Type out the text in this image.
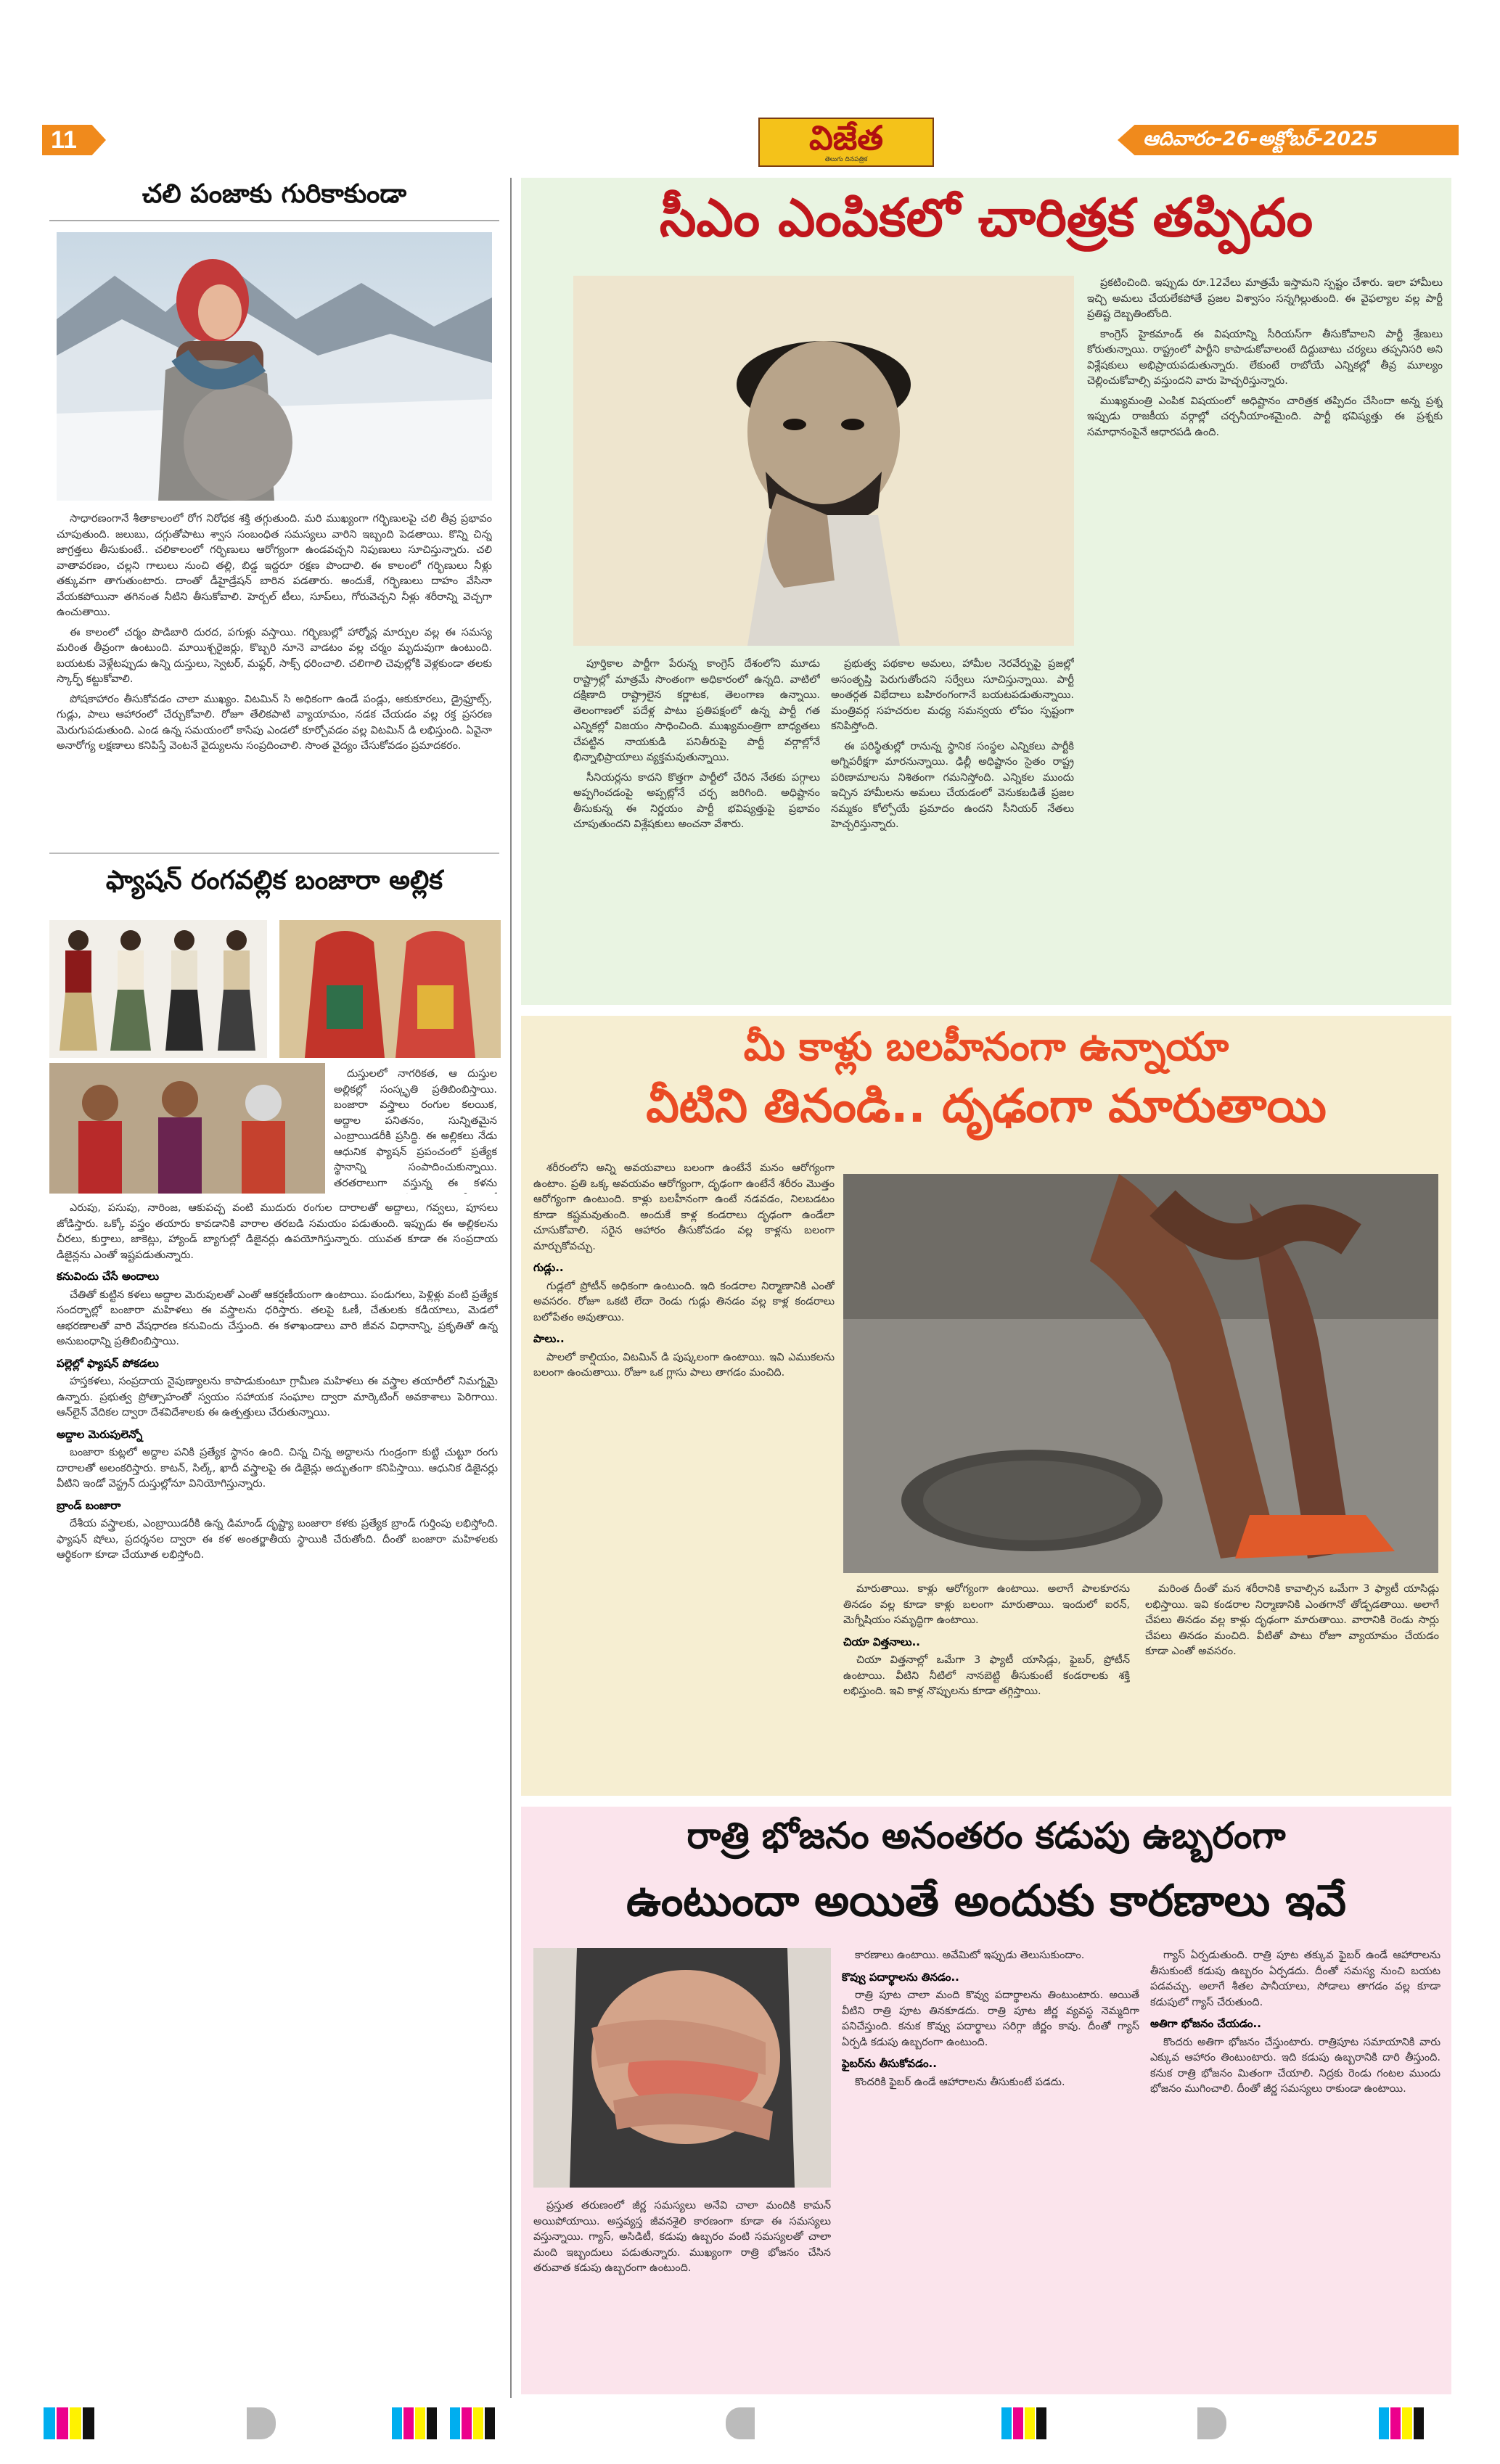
11	విజేత
తెలుగు దినపత్రిక
ఆదివారం-26-అక్టోబర్-2025
చలి పంజాకు గురికాకుండా

సాధారణంగానే శీతాకాలంలో రోగ నిరోధక శక్తి తగ్గుతుంది. మరి ముఖ్యంగా గర్భిణులపై చలి తీవ్ర ప్రభావం చూపుతుంది. జలుబు, దగ్గుతోపాటు శ్వాస సంబంధిత సమస్యలు వారిని ఇబ్బంది పెడతాయి. కొన్ని చిన్న జాగ్రత్తలు తీసుకుంటే.. చలికాలంలో గర్భిణులు ఆరోగ్యంగా ఉండవచ్చని నిపుణులు సూచిస్తున్నారు. చలి వాతావరణం, చల్లని గాలులు నుంచి తల్లి, బిడ్డ ఇద్దరూ రక్షణ పొందాలి. ఈ కాలంలో గర్భిణులు నీళ్లు తక్కువగా తాగుతుంటారు. దాంతో డీహైడ్రేషన్ బారిన పడతారు. అందుకే, గర్భిణులు దాహం వేసినా వేయకపోయినా తగినంత నీటిని తీసుకోవాలి. హెర్బల్ టీలు, సూప్‌లు, గోరువెచ్చని నీళ్లు శరీరాన్ని వెచ్చగా ఉంచుతాయి.

ఈ కాలంలో చర్మం పొడిబారి దురద, పగుళ్లు వస్తాయి. గర్భిణుల్లో హార్మోన్ల మార్పుల వల్ల ఈ సమస్య మరింత తీవ్రంగా ఉంటుంది. మాయిశ్చరైజర్లు, కొబ్బరి నూనె వాడటం వల్ల చర్మం మృదువుగా ఉంటుంది. బయటకు వెళ్లేటప్పుడు ఉన్ని దుస్తులు, స్వెటర్, మఫ్లర్, సాక్స్ ధరించాలి. చలిగాలి చెవుల్లోకి వెళ్లకుండా తలకు స్కార్ఫ్ కట్టుకోవాలి.

పోషకాహారం తీసుకోవడం చాలా ముఖ్యం. విటమిన్ సి అధికంగా ఉండే పండ్లు, ఆకుకూరలు, డ్రైఫ్రూట్స్, గుడ్లు, పాలు ఆహారంలో చేర్చుకోవాలి. రోజూ తేలికపాటి వ్యాయామం, నడక చేయడం వల్ల రక్త ప్రసరణ మెరుగుపడుతుంది. ఎండ ఉన్న సమయంలో కాసేపు ఎండలో కూర్చోవడం వల్ల విటమిన్ డి లభిస్తుంది. ఏవైనా అనారోగ్య లక్షణాలు కనిపిస్తే వెంటనే వైద్యులను సంప్రదించాలి. సొంత వైద్యం చేసుకోవడం ప్రమాదకరం.

ఫ్యాషన్ రంగవల్లిక బంజారా అల్లిక

దుస్తులలో నాగరికత, ఆ దుస్తుల అల్లికల్లో సంస్కృతి ప్రతిబింబిస్తాయి. బంజారా వస్త్రాలు రంగుల కలయిక, అద్దాల పనితనం, సున్నితమైన ఎంబ్రాయిడరీకి ప్రసిద్ధి. ఈ అల్లికలు నేడు ఆధునిక ఫ్యాషన్ ప్రపంచంలో ప్రత్యేక స్థానాన్ని సంపాదించుకున్నాయి. తరతరాలుగా వస్తున్న ఈ కళను

ఎరుపు, పసుపు, నారింజ, ఆకుపచ్చ వంటి ముదురు రంగుల దారాలతో అద్దాలు, గవ్వలు, పూసలు జోడిస్తారు. ఒక్కో వస్త్రం తయారు కావడానికి వారాల తరబడి సమయం పడుతుంది. ఇప్పుడు ఈ అల్లికలను చీరలు, కుర్తాలు, జాకెట్లు, హ్యాండ్ బ్యాగుల్లో డిజైనర్లు ఉపయోగిస్తున్నారు. యువత కూడా ఈ సంప్రదాయ డిజైన్లను ఎంతో ఇష్టపడుతున్నారు.

కనువిందు చేసే అందాలు

చేతితో కుట్టిన కళలు అద్దాల మెరుపులతో ఎంతో ఆకర్షణీయంగా ఉంటాయి. పండుగలు, పెళ్లిళ్లు వంటి ప్రత్యేక సందర్భాల్లో బంజారా మహిళలు ఈ వస్త్రాలను ధరిస్తారు. తలపై ఓణీ, చేతులకు కడియాలు, మెడలో ఆభరణాలతో వారి వేషధారణ కనువిందు చేస్తుంది. ఈ కళాఖండాలు వారి జీవన విధానాన్ని, ప్రకృతితో ఉన్న అనుబంధాన్ని ప్రతిబింబిస్తాయి.

పల్లెల్లో ఫ్యాషన్ పోకడలు

హస్తకళలు, సంప్రదాయ నైపుణ్యాలను కాపాడుకుంటూ గ్రామీణ మహిళలు ఈ వస్త్రాల తయారీలో నిమగ్నమై ఉన్నారు. ప్రభుత్వ ప్రోత్సాహంతో స్వయం సహాయక సంఘాల ద్వారా మార్కెటింగ్ అవకాశాలు పెరిగాయి. ఆన్‌లైన్ వేదికల ద్వారా దేశవిదేశాలకు ఈ ఉత్పత్తులు చేరుతున్నాయి.

అద్దాల మెరుపులెన్నో

బంజారా కుట్లలో అద్దాల పనికి ప్రత్యేక స్థానం ఉంది. చిన్న చిన్న అద్దాలను గుండ్రంగా కుట్టి చుట్టూ రంగు దారాలతో అలంకరిస్తారు. కాటన్, సిల్క్, ఖాదీ వస్త్రాలపై ఈ డిజైన్లు అద్భుతంగా కనిపిస్తాయి. ఆధునిక డిజైనర్లు వీటిని ఇండో వెస్ట్రన్ దుస్తుల్లోనూ వినియోగిస్తున్నారు.

బ్రాండ్ బంజారా

దేశీయ వస్త్రాలకు, ఎంబ్రాయిడరీకి ఉన్న డిమాండ్ దృష్ట్యా బంజారా కళకు ప్రత్యేక బ్రాండ్ గుర్తింపు లభిస్తోంది. ఫ్యాషన్ షోలు, ప్రదర్శనల ద్వారా ఈ కళ అంతర్జాతీయ స్థాయికి చేరుతోంది. దీంతో బంజారా మహిళలకు ఆర్థికంగా కూడా చేయూత లభిస్తోంది.

సీఎం ఎంపికలో చారిత్రక తప్పిదం

పూర్తికాల పార్టీగా పేరున్న కాంగ్రెస్ దేశంలోని మూడు రాష్ట్రాల్లో మాత్రమే సొంతంగా అధికారంలో ఉన్నది. వాటిలో దక్షిణాది రాష్ట్రాలైన కర్ణాటక, తెలంగాణ ఉన్నాయి. తెలంగాణలో పదేళ్ల పాటు ప్రతిపక్షంలో ఉన్న పార్టీ గత ఎన్నికల్లో విజయం సాధించింది. ముఖ్యమంత్రిగా బాధ్యతలు చేపట్టిన నాయకుడి పనితీరుపై పార్టీ వర్గాల్లోనే భిన్నాభిప్రాయాలు వ్యక్తమవుతున్నాయి.

సీనియర్లను కాదని కొత్తగా పార్టీలో చేరిన నేతకు పగ్గాలు అప్పగించడంపై అప్పట్లోనే చర్చ జరిగింది. అధిష్టానం తీసుకున్న ఈ నిర్ణయం పార్టీ భవిష్యత్తుపై ప్రభావం చూపుతుందని విశ్లేషకులు అంచనా వేశారు.

ప్రభుత్వ పథకాల అమలు, హామీల నెరవేర్పుపై ప్రజల్లో అసంతృప్తి పెరుగుతోందని సర్వేలు సూచిస్తున్నాయి. పార్టీ అంతర్గత విభేదాలు బహిరంగంగానే బయటపడుతున్నాయి. మంత్రివర్గ సహచరుల మధ్య సమన్వయ లోపం స్పష్టంగా కనిపిస్తోంది.

ఈ పరిస్థితుల్లో రానున్న స్థానిక సంస్థల ఎన్నికలు పార్టీకి అగ్నిపరీక్షగా మారనున్నాయి. ఢిల్లీ అధిష్టానం సైతం రాష్ట్ర పరిణామాలను నిశితంగా గమనిస్తోంది. ఎన్నికల ముందు ఇచ్చిన హామీలను అమలు చేయడంలో వెనుకబడితే ప్రజల నమ్మకం కోల్పోయే ప్రమాదం ఉందని సీనియర్ నేతలు హెచ్చరిస్తున్నారు.

ప్రకటించింది. ఇప్పుడు రూ.12వేలు మాత్రమే ఇస్తామని స్పష్టం చేశారు. ఇలా హామీలు ఇచ్చి అమలు చేయలేకపోతే ప్రజల విశ్వాసం సన్నగిల్లుతుంది. ఈ వైఫల్యాల వల్ల పార్టీ ప్రతిష్ట దెబ్బతింటోంది.

కాంగ్రెస్ హైకమాండ్ ఈ విషయాన్ని సీరియస్‌గా తీసుకోవాలని పార్టీ శ్రేణులు కోరుతున్నాయి. రాష్ట్రంలో పార్టీని కాపాడుకోవాలంటే దిద్దుబాటు చర్యలు తప్పనిసరి అని విశ్లేషకులు అభిప్రాయపడుతున్నారు. లేకుంటే రాబోయే ఎన్నికల్లో తీవ్ర మూల్యం చెల్లించుకోవాల్సి వస్తుందని వారు హెచ్చరిస్తున్నారు.

ముఖ్యమంత్రి ఎంపిక విషయంలో అధిష్టానం చారిత్రక తప్పిదం చేసిందా అన్న ప్రశ్న ఇప్పుడు రాజకీయ వర్గాల్లో చర్చనీయాంశమైంది. పార్టీ భవిష్యత్తు ఈ ప్రశ్నకు సమాధానంపైనే ఆధారపడి ఉంది.

మీ కాళ్లు బలహీనంగా ఉన్నాయా
వీటిని తినండి.. దృఢంగా మారుతాయి

శరీరంలోని అన్ని అవయవాలు బలంగా ఉంటేనే మనం ఆరోగ్యంగా ఉంటాం. ప్రతి ఒక్క అవయవం ఆరోగ్యంగా, దృఢంగా ఉంటేనే శరీరం మొత్తం ఆరోగ్యంగా ఉంటుంది. కాళ్లు బలహీనంగా ఉంటే నడవడం, నిలబడటం కూడా కష్టమవుతుంది. అందుకే కాళ్ల కండరాలు దృఢంగా ఉండేలా చూసుకోవాలి. సరైన ఆహారం తీసుకోవడం వల్ల కాళ్లను బలంగా మార్చుకోవచ్చు.

గుడ్లు..

గుడ్లలో ప్రోటీన్ అధికంగా ఉంటుంది. ఇది కండరాల నిర్మాణానికి ఎంతో అవసరం. రోజూ ఒకటి లేదా రెండు గుడ్లు తినడం వల్ల కాళ్ల కండరాలు బలోపేతం అవుతాయి.

పాలు..

పాలలో కాల్షియం, విటమిన్ డి పుష్కలంగా ఉంటాయి. ఇవి ఎముకలను బలంగా ఉంచుతాయి. రోజూ ఒక గ్లాసు పాలు తాగడం మంచిది.

మారుతాయి. కాళ్లు ఆరోగ్యంగా ఉంటాయి. అలాగే పాలకూరను తినడం వల్ల కూడా కాళ్లు బలంగా మారుతాయి. ఇందులో ఐరన్, మెగ్నీషియం సమృద్ధిగా ఉంటాయి.

చియా విత్తనాలు..

చియా విత్తనాల్లో ఒమేగా 3 ఫ్యాటీ యాసిడ్లు, ఫైబర్, ప్రోటీన్ ఉంటాయి. వీటిని నీటిలో నానబెట్టి తీసుకుంటే కండరాలకు శక్తి లభిస్తుంది. ఇవి కాళ్ల నొప్పులను కూడా తగ్గిస్తాయి.

మరింత దీంతో మన శరీరానికి కావాల్సిన ఒమేగా 3 ఫ్యాటీ యాసిడ్లు లభిస్తాయి. ఇవి కండరాల నిర్మాణానికి ఎంతగానో తోడ్పడతాయి. అలాగే చేపలు తినడం వల్ల కాళ్లు దృఢంగా మారుతాయి. వారానికి రెండు సార్లు చేపలు తినడం మంచిది. వీటితో పాటు రోజూ వ్యాయామం చేయడం కూడా ఎంతో అవసరం.

రాత్రి భోజనం అనంతరం కడుపు ఉబ్బరంగా
ఉంటుందా అయితే అందుకు కారణాలు ఇవే

ప్రస్తుత తరుణంలో జీర్ణ సమస్యలు అనేవి చాలా మందికి కామన్ అయిపోయాయి. అస్తవ్యస్త జీవనశైలి కారణంగా కూడా ఈ సమస్యలు వస్తున్నాయి. గ్యాస్, అసిడిటీ, కడుపు ఉబ్బరం వంటి సమస్యలతో చాలా మంది ఇబ్బందులు పడుతున్నారు. ముఖ్యంగా రాత్రి భోజనం చేసిన తరువాత కడుపు ఉబ్బరంగా ఉంటుంది.

కారణాలు ఉంటాయి. అవేమిటో ఇప్పుడు తెలుసుకుందాం.

కొవ్వు పదార్థాలను తినడం..

రాత్రి పూట చాలా మంది కొవ్వు పదార్థాలను తింటుంటారు. అయితే వీటిని రాత్రి పూట తినకూడదు. రాత్రి పూట జీర్ణ వ్యవస్థ నెమ్మదిగా పనిచేస్తుంది. కనుక కొవ్వు పదార్థాలు సరిగ్గా జీర్ణం కావు. దీంతో గ్యాస్ ఏర్పడి కడుపు ఉబ్బరంగా ఉంటుంది.

ఫైబర్‌ను తీసుకోవడం..

కొందరికి ఫైబర్ ఉండే ఆహారాలను తీసుకుంటే పడదు.

గ్యాస్ ఏర్పడుతుంది. రాత్రి పూట తక్కువ ఫైబర్ ఉండే ఆహారాలను తీసుకుంటే కడుపు ఉబ్బరం ఏర్పడదు. దీంతో సమస్య నుంచి బయట పడవచ్చు. అలాగే శీతల పానీయాలు, సోడాలు తాగడం వల్ల కూడా కడుపులో గ్యాస్ చేరుతుంది.

అతిగా భోజనం చేయడం..

కొందరు అతిగా భోజనం చేస్తుంటారు. రాత్రిపూట సమాయానికి వారు ఎక్కువ ఆహారం తింటుంటారు. ఇది కడుపు ఉబ్బరానికి దారి తీస్తుంది. కనుక రాత్రి భోజనం మితంగా చేయాలి. నిద్రకు రెండు గంటల ముందు భోజనం ముగించాలి. దీంతో జీర్ణ సమస్యలు రాకుండా ఉంటాయి.
